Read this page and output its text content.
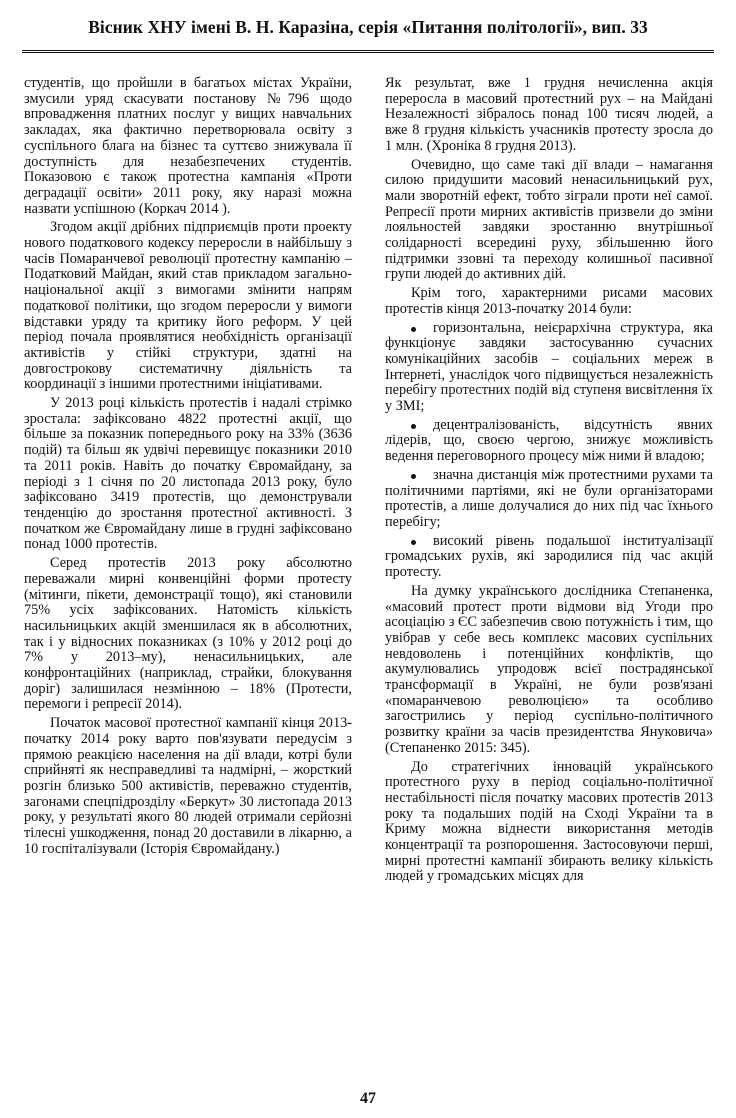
Вісник ХНУ імені В. Н. Каразіна, серія «Питання політології», вип. 33

студентів, що пройшли в багатьох містах України, змусили уряд скасувати постанову №796 щодо впровадження платних послуг у вищих навчальних закладах, яка фактично перетворювала освіту з суспільного блага на бізнес та суттєво знижувала її доступність для незабезпечених студентів. Показовою є також протестна кампанія «Проти деградації освіти» 2011 року, яку наразі можна назвати успішною (Коркач 2014 ).

Згодом акції дрібних підприємців проти проекту нового податкового кодексу переросли в найбільшу з часів Помаранчевої революції протестну кампанію – Податковий Майдан, який став прикладом загально-національної акції з вимогами змінити напрям податкової політики, що згодом переросли у вимоги відставки уряду та критику його реформ. У цей період почала проявлятися необхідність організації активістів у стійкі структури, здатні на довгострокову систематичну діяльність та координації з іншими протестними ініціативами.

У 2013 році кількість протестів і надалі стрімко зростала: зафіксовано 4822 протестні акції, що більше за показник попереднього року на 33% (3636 подій) та більш як удвічі перевищує показники 2010 та 2011 років. Навіть до початку Євромайдану, за періоді з 1 січня по 20 листопада 2013 року, було зафіксовано 3419 протестів, що демонстрували тенденцію до зростання протестної активності. З початком же Євромайдану лише в грудні зафіксовано понад 1000 протестів.

Серед протестів 2013 року абсолютно переважали мирні конвенційні форми протесту (мітинги, пікети, демонстрації тощо), які становили 75% усіх зафіксованих. Натомість кількість насильницьких акцій зменшилася як в абсолютних, так і у відносних показниках (з 10% у 2012 році до 7% у 2013–му), ненасильницьких, але конфронтаційних (наприклад, страйки, блокування доріг) залишилася незмінною – 18% (Протести, перемоги і репресії 2014).

Початок масової протестної кампанії кінця 2013-початку 2014 року варто пов'язувати передусім з прямою реакцією населення на дії влади, котрі були сприйняті як несправедливі та надмірні, – жорсткий розгін близько 500 активістів, переважно студентів, загонами спецпідрозділу «Беркут» 30 листопада 2013 року, у результаті якого 80 людей отримали серйозні тілесні ушкодження, понад 20 доставили в лікарню, а 10 госпіталізували (Історія Євромайдану.)

Як результат, вже 1 грудня нечисленна акція переросла в масовий протестний рух – на Майдані Незалежності зібралось понад 100 тисяч людей, а вже 8 грудня кількість учасників протесту зросла до 1 млн. (Хроніка 8 грудня 2013).

Очевидно, що саме такі дії влади – намагання силою придушити масовий ненасильницький рух, мали зворотній ефект, тобто зіграли проти неї самої. Репресії проти мирних активістів призвели до зміни лояльностей завдяки зростанню внутрішньої солідарності всередині руху, збільшенню його підтримки ззовні та переходу колишньої пасивної групи людей до активних дій.

Крім того, характерними рисами масових протестів кінця 2013-початку 2014 були:

горизонтальна, неієрархічна структура, яка функціонує завдяки застосуванню сучасних комунікаційних засобів – соціальних мереж в Інтернеті, унаслідок чого підвищується незалежність перебігу протестних подій від ступеня висвітлення їх у ЗМІ;
децентралізованість, відсутність явних лідерів, що, своєю чергою, знижує можливість ведення переговорного процесу між ними й владою;
значна дистанція між протестними рухами та політичними партіями, які не були організаторами протестів, а лише долучалися до них під час їхнього перебігу;
високий рівень подальшої інституалізації громадських рухів, які зародилися під час акцій протесту.

На думку українського дослідника Степаненка, «масовий протест проти відмови від Угоди про асоціацію з ЄС забезпечив свою потужність і тим, що увібрав у себе весь комплекс масових суспільних невдоволень і потенційних конфліктів, що акумулювались упродовж всієї пострадянської трансформації в Україні, не були розв'язані «помаранчевою революцією» та особливо загострились у період суспільно-політичного розвитку країни за часів президентства Януковича» (Степаненко 2015: 345).

До стратегічних інновацій українського протестного руху в період соціально-політичної нестабільності після початку масових протестів 2013 року та подальших подій на Сході України та в Криму можна віднести використання методів концентрації та розпорошення. Застосовуючи перші, мирні протестні кампанії збирають велику кількість людей у громадських місцях для

47
